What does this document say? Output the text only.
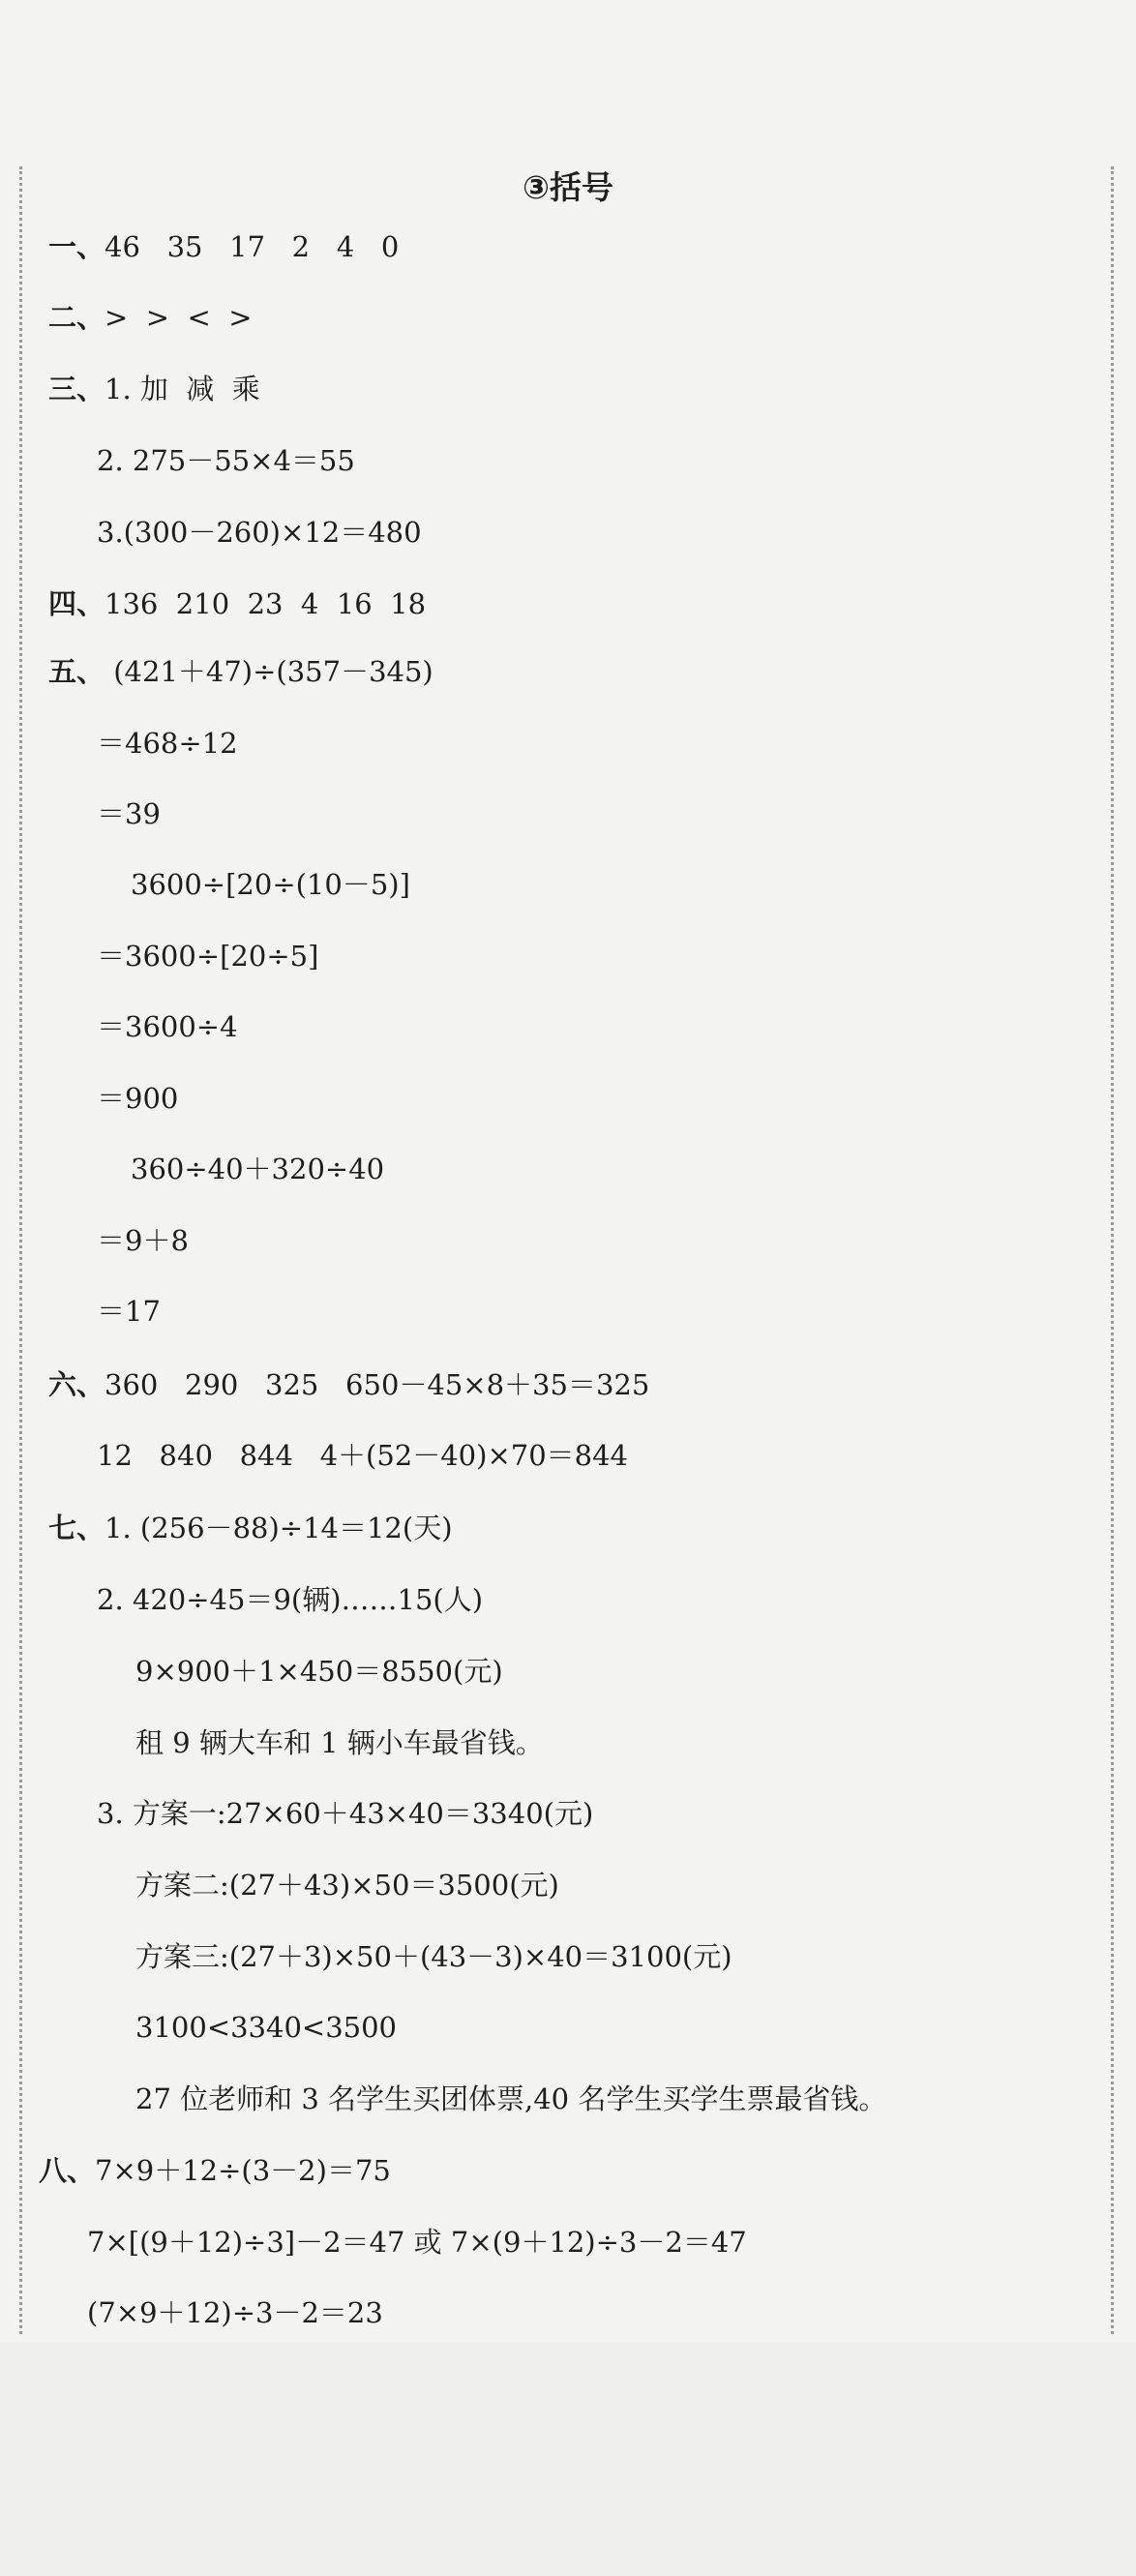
③括号
一、46   35   17   2   4   0
二、>  >  <  >
三、1. 加  减  乘
2. 275－55×4＝55
3.(300－260)×12＝480
四、136  210  23  4  16  18
五、 (421＋47)÷(357－345)
＝468÷12
＝39
3600÷[20÷(10－5)]
＝3600÷[20÷5]
＝3600÷4
＝900
360÷40＋320÷40
＝9＋8
＝17
六、360   290   325   650－45×8＋35＝325
12   840   844   4＋(52－40)×70＝844
七、1. (256－88)÷14＝12(天)
2. 420÷45＝9(辆)……15(人)
9×900＋1×450＝8550(元)
租 9 辆大车和 1 辆小车最省钱。
3. 方案一:27×60＋43×40＝3340(元)
方案二:(27＋43)×50＝3500(元)
方案三:(27＋3)×50＋(43－3)×40＝3100(元)
3100<3340<3500
27 位老师和 3 名学生买团体票,40 名学生买学生票最省钱。
八、7×9＋12÷(3－2)＝75
7×[(9＋12)÷3]－2＝47 或 7×(9＋12)÷3－2＝47
(7×9＋12)÷3－2＝23
